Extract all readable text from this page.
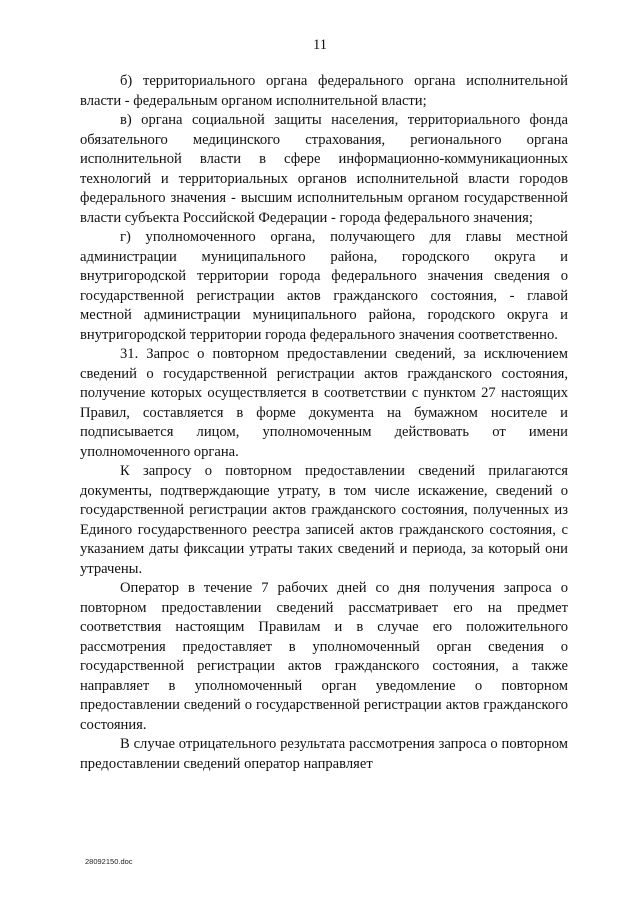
11

б) территориального органа федерального органа исполнительной власти - федеральным органом исполнительной власти;

в) органа социальной защиты населения, территориального фонда обязательного медицинского страхования, регионального органа исполнительной власти в сфере информационно-коммуникационных технологий и территориальных органов исполнительной власти городов федерального значения - высшим исполнительным органом государственной власти субъекта Российской Федерации - города федерального значения;

г) уполномоченного органа, получающего для главы местной администрации муниципального района, городского округа и внутригородской территории города федерального значения сведения о государственной регистрации актов гражданского состояния, - главой местной администрации муниципального района, городского округа и внутригородской территории города федерального значения соответственно.

31. Запрос о повторном предоставлении сведений, за исключением сведений о государственной регистрации актов гражданского состояния, получение которых осуществляется в соответствии с пунктом 27 настоящих Правил, составляется в форме документа на бумажном носителе и подписывается лицом, уполномоченным действовать от имени уполномоченного органа.

К запросу о повторном предоставлении сведений прилагаются документы, подтверждающие утрату, в том числе искажение, сведений о государственной регистрации актов гражданского состояния, полученных из Единого государственного реестра записей актов гражданского состояния, с указанием даты фиксации утраты таких сведений и периода, за который они утрачены.

Оператор в течение 7 рабочих дней со дня получения запроса о повторном предоставлении сведений рассматривает его на предмет соответствия настоящим Правилам и в случае его положительного рассмотрения предоставляет в уполномоченный орган сведения о государственной регистрации актов гражданского состояния, а также направляет в уполномоченный орган уведомление о повторном предоставлении сведений о государственной регистрации актов гражданского состояния.

В случае отрицательного результата рассмотрения запроса о повторном предоставлении сведений оператор направляет

28092150.doc
